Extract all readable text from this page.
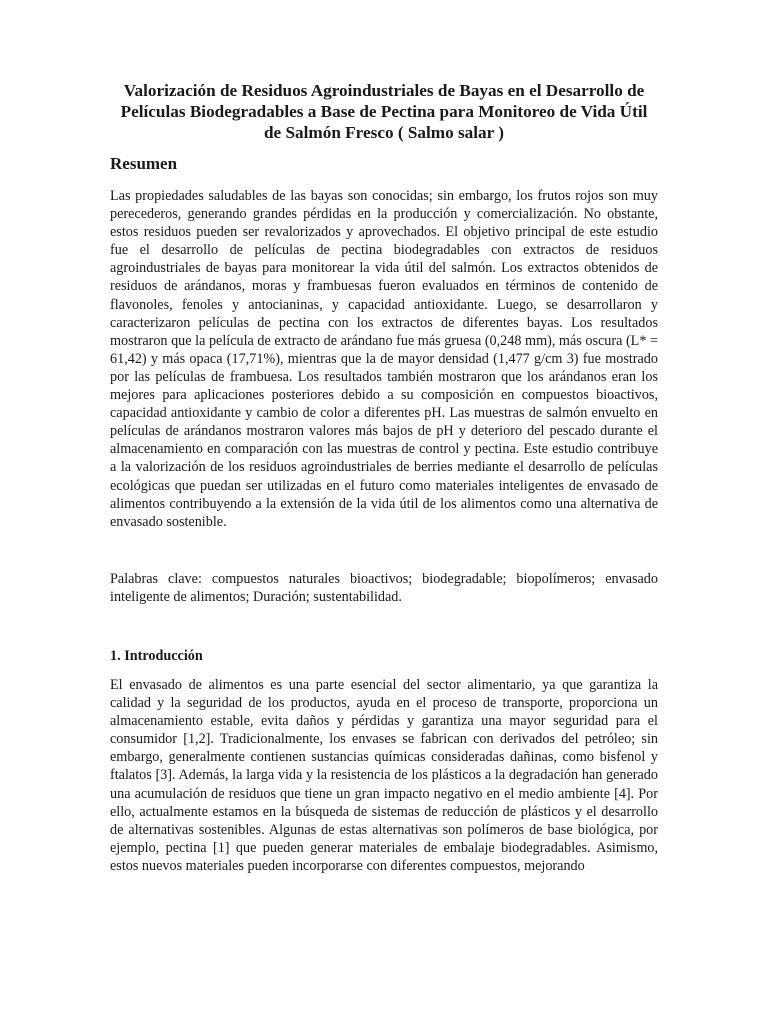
Valorización de Residuos Agroindustriales de Bayas en el Desarrollo de Películas Biodegradables a Base de Pectina para Monitoreo de Vida Útil de Salmón Fresco ( Salmo salar )
Resumen

Las propiedades saludables de las bayas son conocidas; sin embargo, los frutos rojos son muy perecederos, generando grandes pérdidas en la producción y comercialización. No obstante, estos residuos pueden ser revalorizados y aprovechados. El objetivo principal de este estudio fue el desarrollo de películas de pectina biodegradables con extractos de residuos agroindustriales de bayas para monitorear la vida útil del salmón. Los extractos obtenidos de residuos de arándanos, moras y frambuesas fueron evaluados en términos de contenido de flavonoles, fenoles y antocianinas, y capacidad antioxidante. Luego, se desarrollaron y caracterizaron películas de pectina con los extractos de diferentes bayas. Los resultados mostraron que la película de extracto de arándano fue más gruesa (0,248 mm), más oscura (L* = 61,42) y más opaca (17,71%), mientras que la de mayor densidad (1,477 g/cm 3) fue mostrado por las películas de frambuesa. Los resultados también mostraron que los arándanos eran los mejores para aplicaciones posteriores debido a su composición en compuestos bioactivos, capacidad antioxidante y cambio de color a diferentes pH. Las muestras de salmón envuelto en películas de arándanos mostraron valores más bajos de pH y deterioro del pescado durante el almacenamiento en comparación con las muestras de control y pectina. Este estudio contribuye a la valorización de los residuos agroindustriales de berries mediante el desarrollo de películas ecológicas que puedan ser utilizadas en el futuro como materiales inteligentes de envasado de alimentos contribuyendo a la extensión de la vida útil de los alimentos como una alternativa de envasado sostenible.

Palabras clave: compuestos naturales bioactivos; biodegradable; biopolímeros; envasado inteligente de alimentos; Duración; sustentabilidad.

1. Introducción

El envasado de alimentos es una parte esencial del sector alimentario, ya que garantiza la calidad y la seguridad de los productos, ayuda en el proceso de transporte, proporciona un almacenamiento estable, evita daños y pérdidas y garantiza una mayor seguridad para el consumidor [1,2]. Tradicionalmente, los envases se fabrican con derivados del petróleo; sin embargo, generalmente contienen sustancias químicas consideradas dañinas, como bisfenol y ftalatos [3]. Además, la larga vida y la resistencia de los plásticos a la degradación han generado una acumulación de residuos que tiene un gran impacto negativo en el medio ambiente [4]. Por ello, actualmente estamos en la búsqueda de sistemas de reducción de plásticos y el desarrollo de alternativas sostenibles. Algunas de estas alternativas son polímeros de base biológica, por ejemplo, pectina [1] que pueden generar materiales de embalaje biodegradables. Asimismo, estos nuevos materiales pueden incorporarse con diferentes compuestos, mejorando
